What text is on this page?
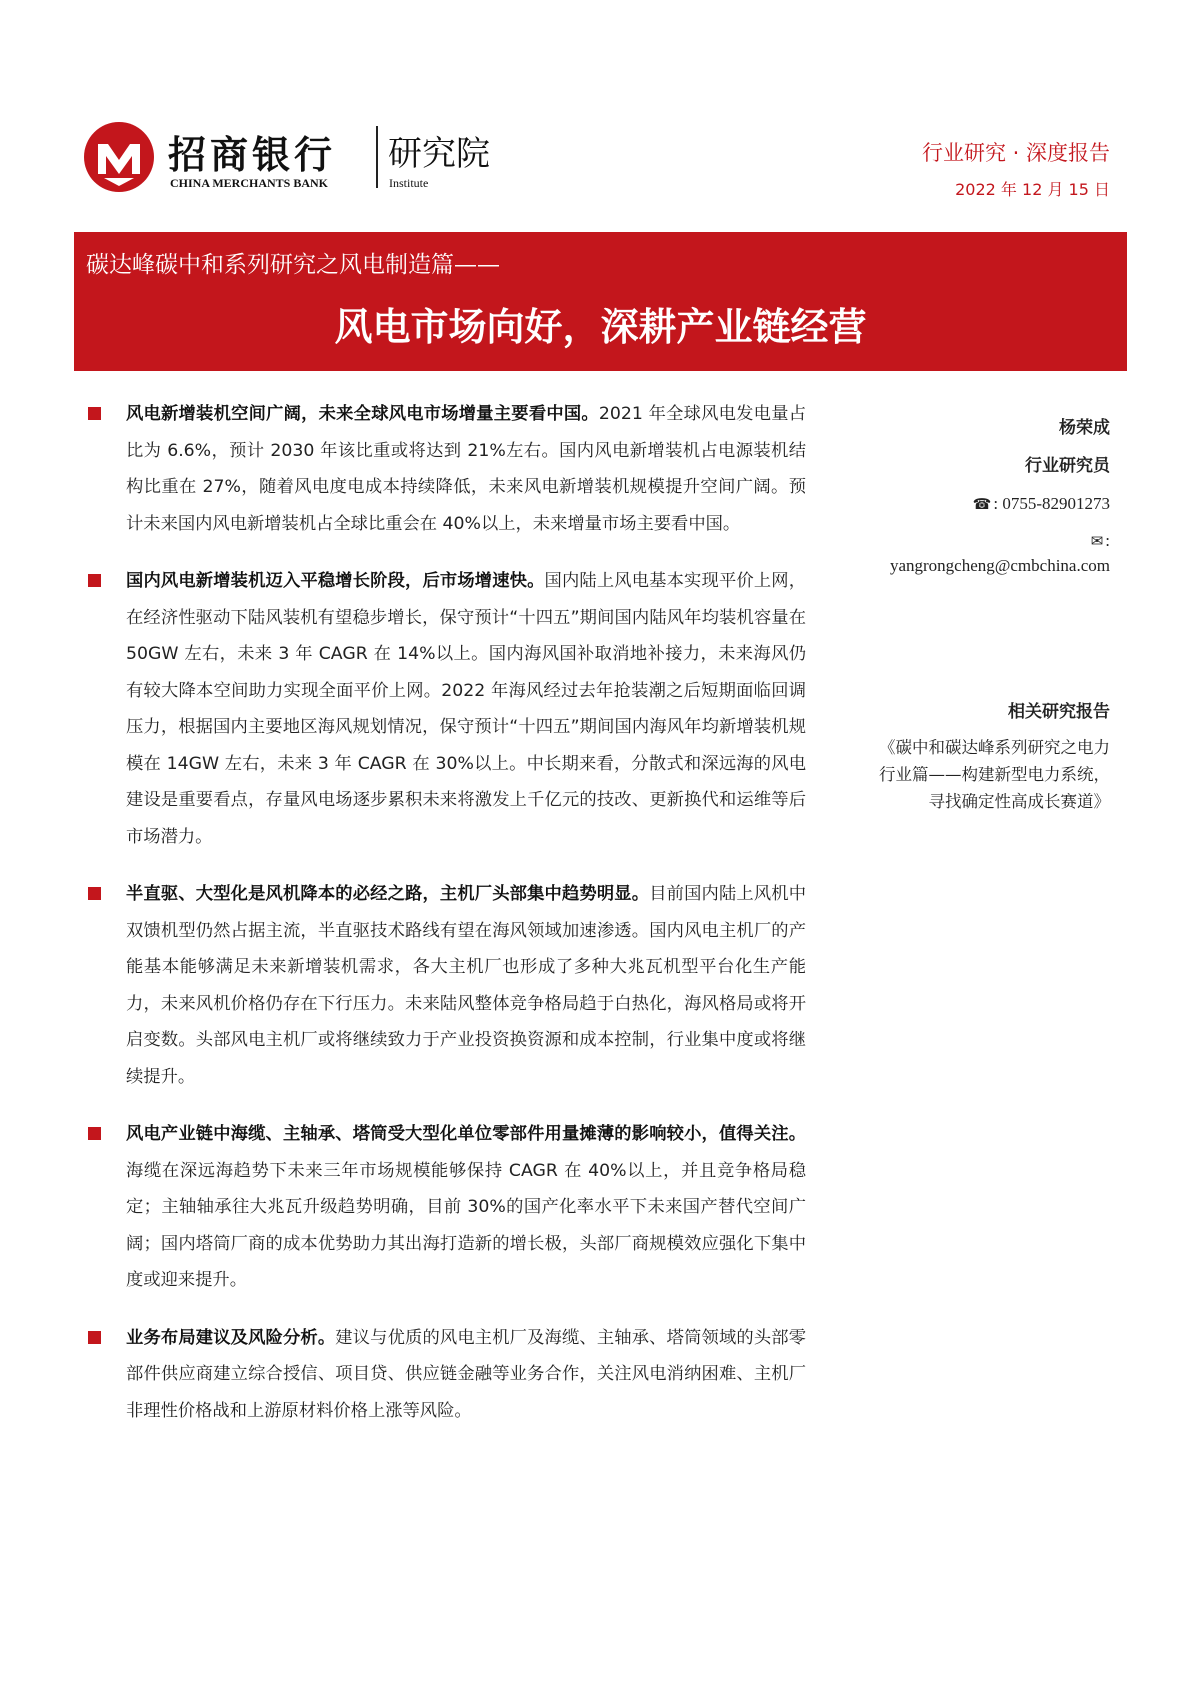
招商银行
CHINA MERCHANTS BANK
研究院
Institute
行业研究 · 深度报告
2022 年 12 月 15 日
碳达峰碳中和系列研究之风电制造篇——
风电市场向好，深耕产业链经营
风电新增装机空间广阔，未来全球风电市场增量主要看中国。2021 年全球风电发电量占比为 6.6%，预计 2030 年该比重或将达到 21%左右。国内风电新增装机占电源装机结构比重在 27%，随着风电度电成本持续降低，未来风电新增装机规模提升空间广阔。预计未来国内风电新增装机占全球比重会在 40%以上，未来增量市场主要看中国。
国内风电新增装机迈入平稳增长阶段，后市场增速快。国内陆上风电基本实现平价上网，在经济性驱动下陆风装机有望稳步增长，保守预计“十四五”期间国内陆风年均装机容量在 50GW 左右，未来 3 年 CAGR 在 14%以上。国内海风国补取消地补接力，未来海风仍有较大降本空间助力实现全面平价上网。2022 年海风经过去年抢装潮之后短期面临回调压力，根据国内主要地区海风规划情况，保守预计“十四五”期间国内海风年均新增装机规模在 14GW 左右，未来 3 年 CAGR 在 30%以上。中长期来看，分散式和深远海的风电建设是重要看点，存量风电场逐步累积未来将激发上千亿元的技改、更新换代和运维等后市场潜力。
半直驱、大型化是风机降本的必经之路，主机厂头部集中趋势明显。目前国内陆上风机中双馈机型仍然占据主流，半直驱技术路线有望在海风领域加速渗透。国内风电主机厂的产能基本能够满足未来新增装机需求，各大主机厂也形成了多种大兆瓦机型平台化生产能力，未来风机价格仍存在下行压力。未来陆风整体竞争格局趋于白热化，海风格局或将开启变数。头部风电主机厂或将继续致力于产业投资换资源和成本控制，行业集中度或将继续提升。
风电产业链中海缆、主轴承、塔筒受大型化单位零部件用量摊薄的影响较小，值得关注。海缆在深远海趋势下未来三年市场规模能够保持 CAGR 在 40%以上，并且竞争格局稳定；主轴轴承往大兆瓦升级趋势明确，目前 30%的国产化率水平下未来国产替代空间广阔；国内塔筒厂商的成本优势助力其出海打造新的增长极，头部厂商规模效应强化下集中度或迎来提升。
业务布局建议及风险分析。建议与优质的风电主机厂及海缆、主轴承、塔筒领域的头部零部件供应商建立综合授信、项目贷、供应链金融等业务合作，关注风电消纳困难、主机厂非理性价格战和上游原材料价格上涨等风险。
杨荣成
行业研究员
☎ : 0755-82901273
✉ :
yangrongcheng@cmbchina.com
相关研究报告
《碳中和碳达峰系列研究之电力
行业篇——构建新型电力系统，
寻找确定性高成长赛道》
